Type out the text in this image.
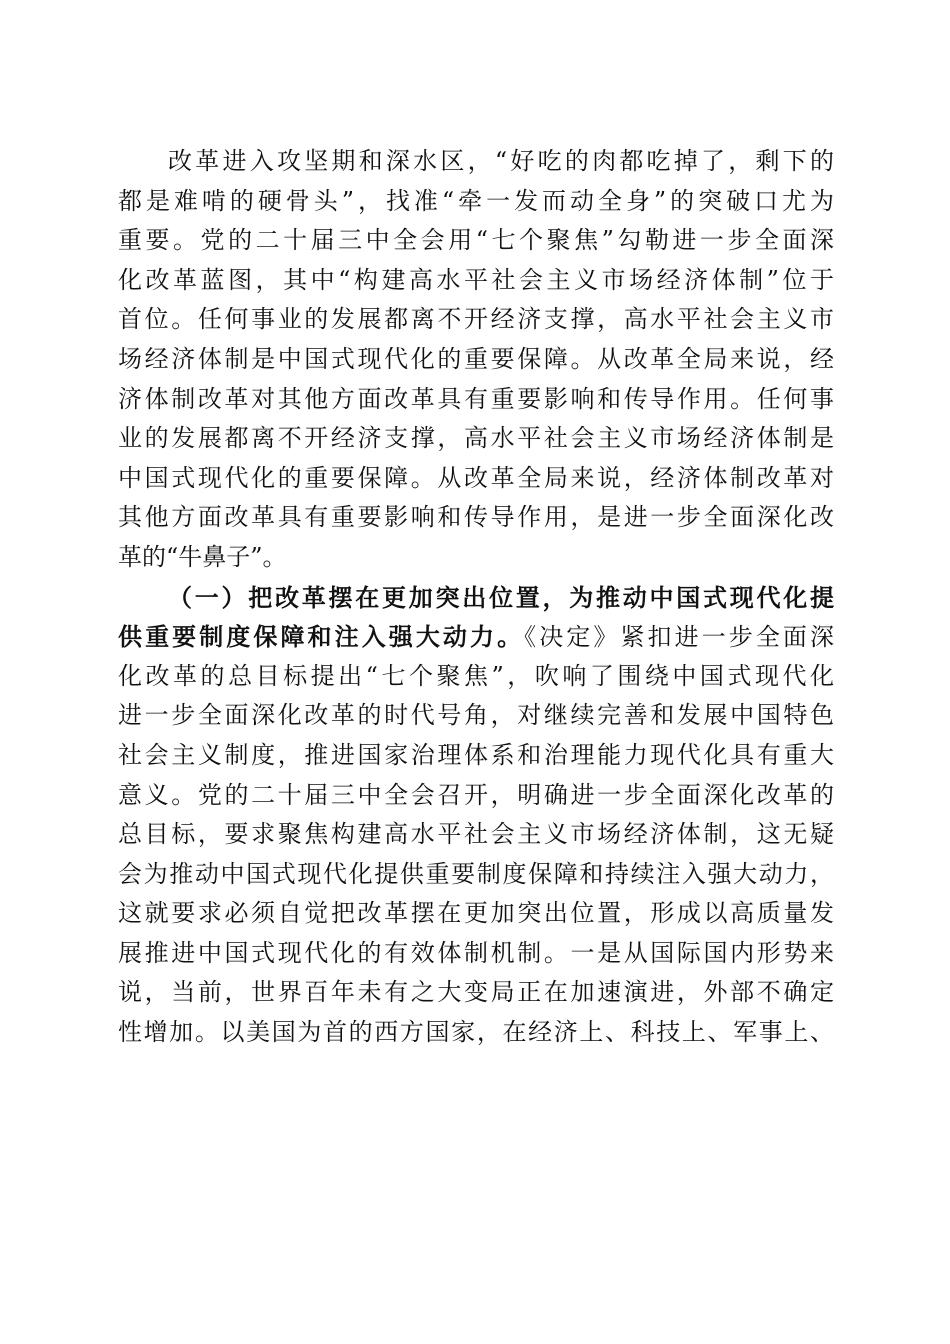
改革进入攻坚期和深水区，“好吃的肉都吃掉了，剩下的
都是难啃的硬骨头”，找准“牵一发而动全身”的突破口尤为
重要。党的二十届三中全会用“七个聚焦”勾勒进一步全面深
化改革蓝图，其中“构建高水平社会主义市场经济体制”位于
首位。任何事业的发展都离不开经济支撑，高水平社会主义市
场经济体制是中国式现代化的重要保障。从改革全局来说，经
济体制改革对其他方面改革具有重要影响和传导作用。任何事
业的发展都离不开经济支撑，高水平社会主义市场经济体制是
中国式现代化的重要保障。从改革全局来说，经济体制改革对
其他方面改革具有重要影响和传导作用，是进一步全面深化改
革的“牛鼻子”。
（一）把改革摆在更加突出位置，为推动中国式现代化提
供重要制度保障和注入强大动力。《决定》紧扣进一步全面深
化改革的总目标提出“七个聚焦”，吹响了围绕中国式现代化
进一步全面深化改革的时代号角，对继续完善和发展中国特色
社会主义制度，推进国家治理体系和治理能力现代化具有重大
意义。党的二十届三中全会召开，明确进一步全面深化改革的
总目标，要求聚焦构建高水平社会主义市场经济体制，这无疑
会为推动中国式现代化提供重要制度保障和持续注入强大动力，
这就要求必须自觉把改革摆在更加突出位置，形成以高质量发
展推进中国式现代化的有效体制机制。一是从国际国内形势来
说，当前，世界百年未有之大变局正在加速演进，外部不确定
性增加。以美国为首的西方国家，在经济上、科技上、军事上、
